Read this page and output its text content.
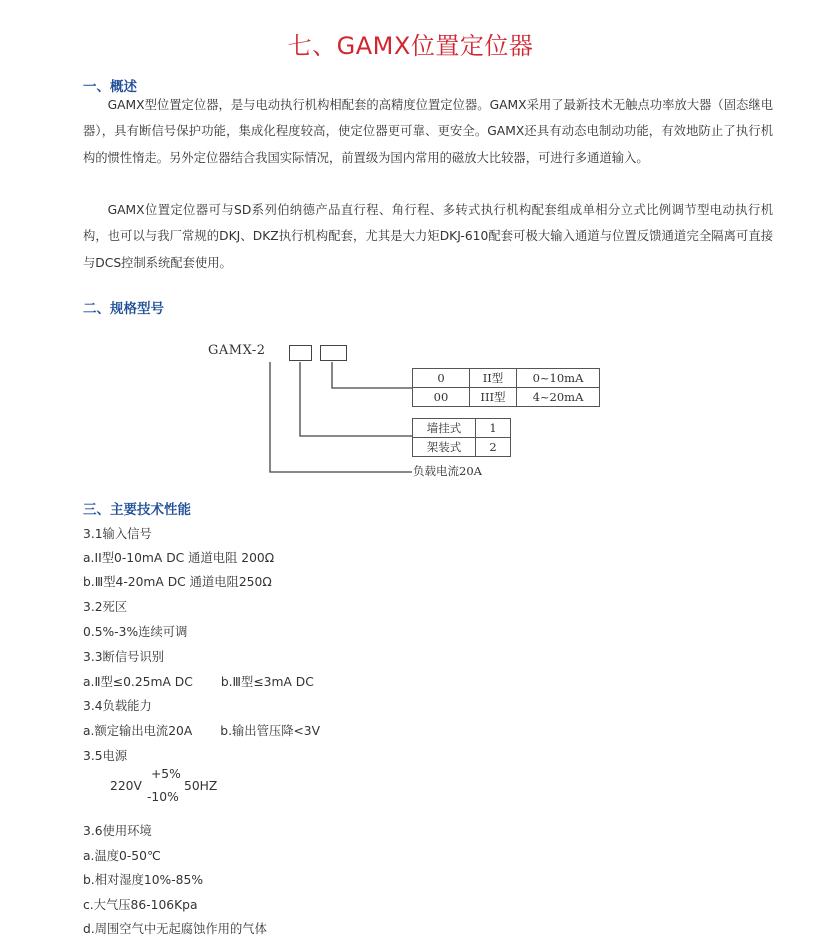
七、GAMX位置定位器
一、概述
GAMX型位置定位器，是与电动执行机构相配套的高精度位置定位器。GAMX采用了最新技术无触点功率放大器（固态继电器），具有断信号保护功能，集成化程度较高，使定位器更可靠、更安全。GAMX还具有动态电制动功能，有效地防止了执行机构的惯性惰走。另外定位器结合我国实际情况，前置级为国内常用的磁放大比较器，可进行多通道输入。
GAMX位置定位器可与SD系列伯纳德产品直行程、角行程、多转式执行机构配套组成单相分立式比例调节型电动执行机构，也可以与我厂常规的DKJ、DKZ执行机构配套，尤其是大力矩DKJ-610配套可极大输入通道与位置反馈通道完全隔离可直接与DCS控制系统配套使用。
二、规格型号
GAMX-2
0	II型	0~10mA
00	III型	4~20mA
墙挂式	1
架装式	2
负载电流20A
三、主要技术性能
3.1输入信号
a.II型0-10mA DC 通道电阻 200Ω
b.Ⅲ型4-20mA DC 通道电阻250Ω
3.2死区
0.5%-3%连续可调
3.3断信号识别
a.Ⅱ型≤0.25mA DC b.Ⅲ型≤3mA DC
3.4负载能力
a.额定输出电流20A b.输出管压降<3V
3.5电源
220V
+5%
-10%
50HZ
3.6使用环境
a.温度0-50℃
b.相对湿度10%-85%
c.大气压86-106Kpa
d.周围空气中无起腐蚀作用的气体
